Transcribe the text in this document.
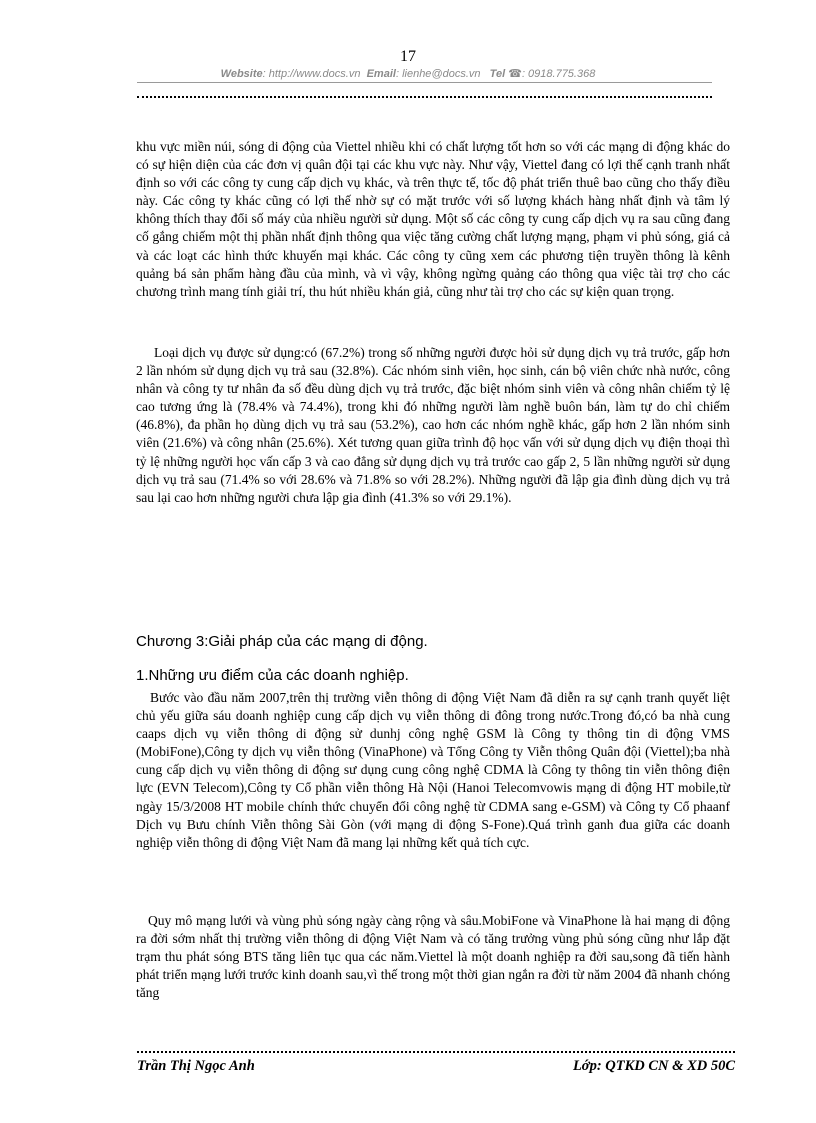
17
Website: http://www.docs.vn Email: lienhe@docs.vn Tel ☎: 0918.775.368

khu vực miền núi, sóng di động của Viettel nhiều khi có chất lượng tốt hơn so với các mạng di động khác do có sự hiện diện của các đơn vị quân đội tại các khu vực này. Như vậy, Viettel đang có lợi thế cạnh tranh nhất định so với các công ty cung cấp dịch vụ khác, và trên thực tế, tốc độ phát triển thuê bao cũng cho thấy điều này. Các công ty khác cũng có lợi thế nhờ sự có mặt trước với số lượng khách hàng nhất định và tâm lý không thích thay đổi số máy của nhiều người sử dụng. Một số các công ty cung cấp dịch vụ ra sau cũng đang cố gắng chiếm một thị phần nhất định thông qua việc tăng cường chất lượng mạng, phạm vi phủ sóng, giá cả và các loạt các hình thức khuyến mại khác. Các công ty cũng xem các phương tiện truyền thông là kênh quảng bá sản phẩm hàng đầu của mình, và vì vậy, không ngừng quảng cáo thông qua việc tài trợ cho các chương trình mang tính giải trí, thu hút nhiều khán giả, cũng như tài trợ cho các sự kiện quan trọng.

Loại dịch vụ được sử dụng:có (67.2%) trong số những người được hỏi sử dụng dịch vụ trả trước, gấp hơn 2 lần nhóm sử dụng dịch vụ trả sau (32.8%). Các nhóm sinh viên, học sinh, cán bộ viên chức nhà nước, công nhân và công ty tư nhân đa số đều dùng dịch vụ trả trước, đặc biệt nhóm sinh viên và công nhân chiếm tỷ lệ cao tương ứng là (78.4% và 74.4%), trong khi đó những người làm nghề buôn bán, làm tự do chỉ chiếm (46.8%), đa phần họ dùng dịch vụ trả sau (53.2%), cao hơn các nhóm nghề khác, gấp hơn 2 lần nhóm sinh viên (21.6%) và công nhân (25.6%). Xét tương quan giữa trình độ học vấn với sử dụng dịch vụ điện thoại thì tỷ lệ những người học vấn cấp 3 và cao đẳng sử dụng dịch vụ trả trước cao gấp 2, 5 lần những người sử dụng dịch vụ trả sau (71.4% so với 28.6% và 71.8% so với 28.2%). Những người đã lập gia đình dùng dịch vụ trả sau lại cao hơn những người chưa lập gia đình (41.3% so với 29.1%).

Chương 3:Giải pháp của các mạng di động.
1.Những ưu điểm của các doanh nghiệp.

Bước vào đầu năm 2007,trên thị trường viễn thông di động Việt Nam đã diễn ra sự cạnh tranh quyết liệt chủ yếu giữa sáu doanh nghiệp cung cấp dịch vụ viễn thông di đông trong nước.Trong đó,có ba nhà cung caaps dịch vụ viễn thông di động sử dunhj công nghệ GSM là Công ty thông tin di động VMS (MobiFone),Công ty dịch vụ viễn thông (VinaPhone) và Tổng Công ty Viễn thông Quân đội (Viettel);ba nhà cung cấp dịch vụ viễn thông di động sư dụng cung công nghệ CDMA là Công ty thông tin viễn thông điện lực (EVN Telecom),Công ty Cổ phần viễn thông Hà Nội (Hanoi Telecomvowis mạng di động HT mobile,từ ngày 15/3/2008 HT mobile chính thức chuyển đổi công nghệ từ CDMA sang e-GSM) và Công ty Cổ phaanf Dịch vụ Bưu chính Viễn thông Sài Gòn (với mạng di động S-Fone).Quá trình ganh đua giữa các doanh nghiệp viễn thông di động Việt Nam đã mang lại những kết quả tích cực.

Quy mô mạng lưới và vùng phủ sóng ngày càng rộng và sâu.MobiFone và VinaPhone là hai mạng di động ra đời sớm nhất thị trường viễn thông di động Việt Nam và có tăng trưởng vùng phủ sóng cũng như lắp đặt trạm thu phát sóng BTS tăng liên tục qua các năm.Viettel là một doanh nghiệp ra đời sau,song đã tiến hành phát triển mạng lưới trước kinh doanh sau,vì thế trong một thời gian ngắn ra đời từ năm 2004 đã nhanh chóng tăng

Trần Thị Ngọc Anh	Lớp: QTKD CN & XD 50C
